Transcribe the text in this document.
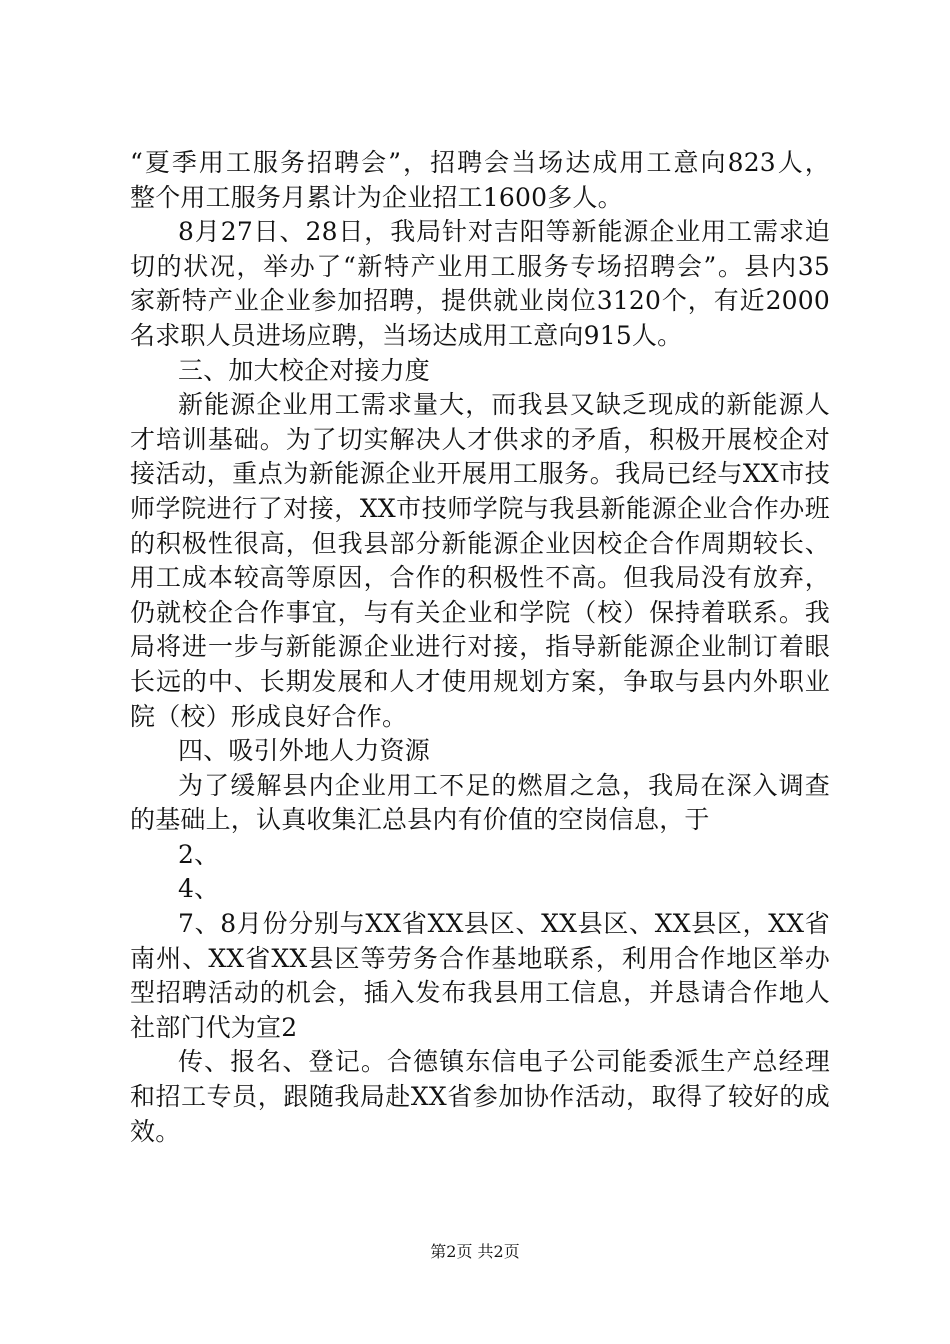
“夏季用工服务招聘会”，招聘会当场达成用工意向823人，
整个用工服务月累计为企业招工1600多人。
8月27日、28日，我局针对吉阳等新能源企业用工需求迫
切的状况，举办了“新特产业用工服务专场招聘会”。县内35
家新特产业企业参加招聘，提供就业岗位3120个，有近2000
名求职人员进场应聘，当场达成用工意向915人。
三、加大校企对接力度
新能源企业用工需求量大，而我县又缺乏现成的新能源人
才培训基础。为了切实解决人才供求的矛盾，积极开展校企对
接活动，重点为新能源企业开展用工服务。我局已经与XX市技
师学院进行了对接，XX市技师学院与我县新能源企业合作办班
的积极性很高，但我县部分新能源企业因校企合作周期较长、
用工成本较高等原因，合作的积极性不高。但我局没有放弃，
仍就校企合作事宜，与有关企业和学院（校）保持着联系。我
局将进一步与新能源企业进行对接，指导新能源企业制订着眼
长远的中、长期发展和人才使用规划方案，争取与县内外职业
院（校）形成良好合作。
四、吸引外地人力资源
为了缓解县内企业用工不足的燃眉之急，我局在深入调查
的基础上，认真收集汇总县内有价值的空岗信息，于
2、
4、
7、8月份分别与XX省XX县区、XX县区、XX县区，XX省
南州、XX省XX县区等劳务合作基地联系，利用合作地区举办
型招聘活动的机会，插入发布我县用工信息，并恳请合作地人
社部门代为宣2
传、报名、登记。合德镇东信电子公司能委派生产总经理
和招工专员，跟随我局赴XX省参加协作活动，取得了较好的成
效。
第2页 共2页
